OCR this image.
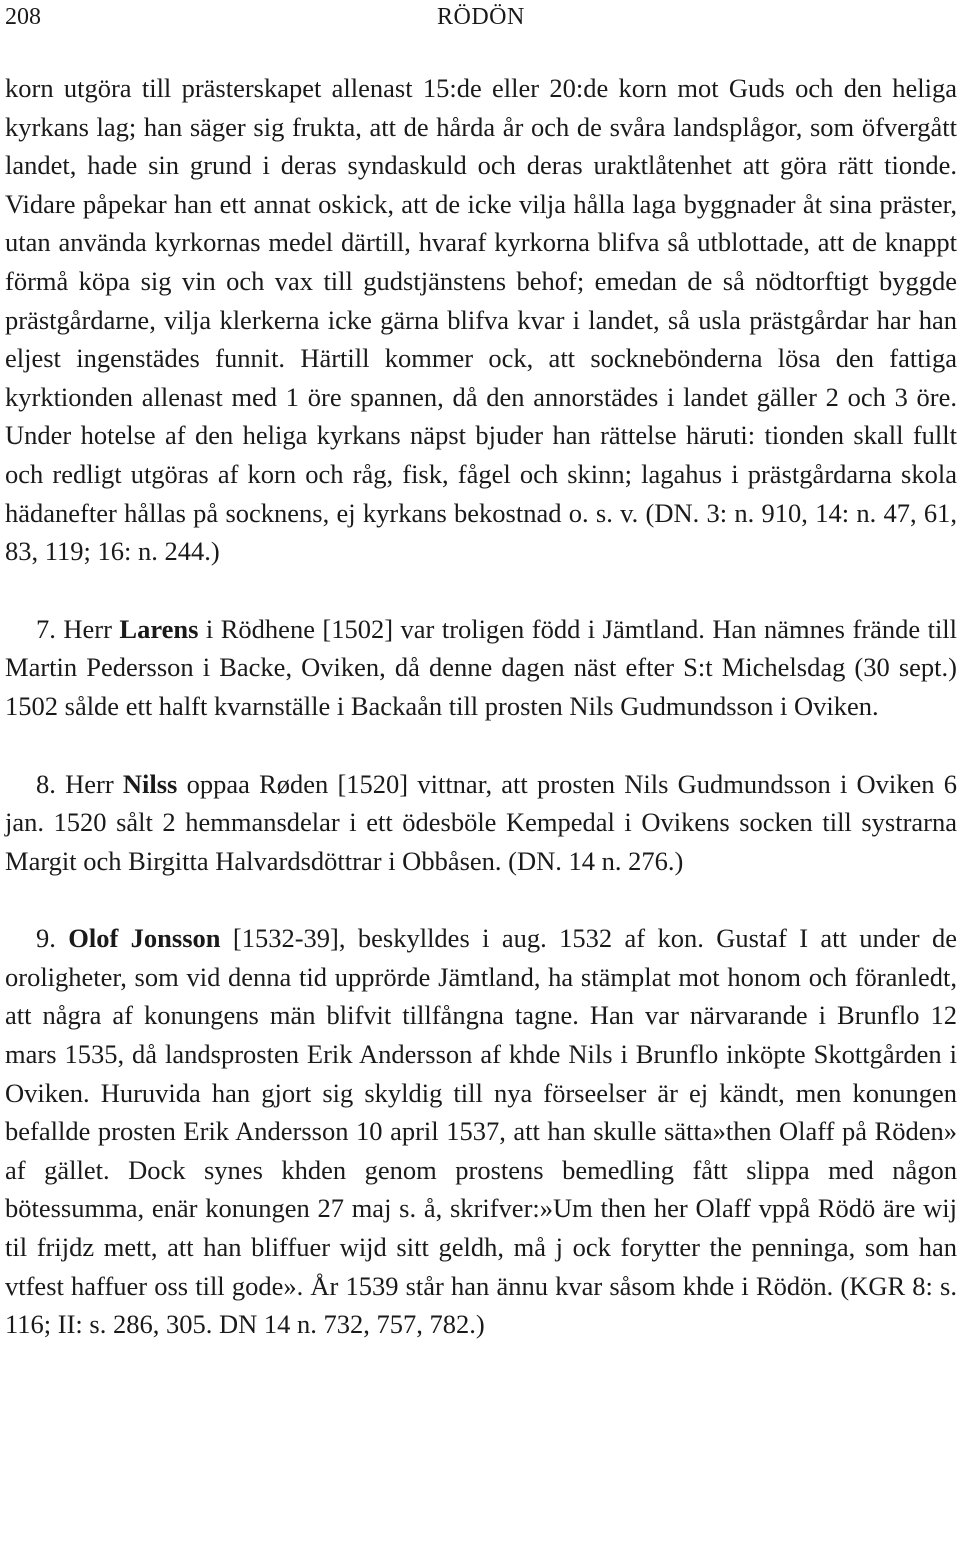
208	RÖDÖN

korn utgöra till prästerskapet allenast 15:de eller 20:de korn mot Guds och den heliga kyrkans lag; han säger sig frukta, att de hårda år och de svåra landsplågor, som öfvergått landet, hade sin grund i deras syndaskuld och deras uraktlåtenhet att göra rätt tionde. Vidare påpekar han ett annat oskick, att de icke vilja hålla laga byggnader åt sina präster, utan använda kyrkornas medel därtill, hvaraf kyrkorna blifva så utblottade, att de knappt förmå köpa sig vin och vax till gudstjänstens behof; emedan de så nödtorftigt byggde prästgårdarne, vilja klerkerna icke gärna blifva kvar i landet, så usla prästgårdar har han eljest ingenstädes funnit. Härtill kommer ock, att socknebönderna lösa den fattiga kyrktionden allenast med 1 öre spannen, då den annorstädes i landet gäller 2 och 3 öre. Under hotelse af den heliga kyrkans näpst bjuder han rättelse häruti: tionden skall fullt och redligt utgöras af korn och råg, fisk, fågel och skinn; lagahus i prästgårdarna skola hädanefter hållas på socknens, ej kyrkans bekostnad o. s. v. (DN. 3: n. 910, 14: n. 47, 61, 83, 119; 16: n. 244.)

7. Herr Larens i Rödhene [1502] var troligen född i Jämtland. Han nämnes frände till Martin Pedersson i Backe, Oviken, då denne dagen näst efter S:t Michelsdag (30 sept.) 1502 sålde ett halft kvarnställe i Backaån till prosten Nils Gudmundsson i Oviken.

8. Herr Nilss oppaa Røden [1520] vittnar, att prosten Nils Gudmundsson i Oviken 6 jan. 1520 sålt 2 hemmansdelar i ett ödesböle Kempedal i Ovikens socken till systrarna Margit och Birgitta Halvardsdöttrar i Obbåsen. (DN. 14 n. 276.)

9. Olof Jonsson [1532-39], beskylldes i aug. 1532 af kon. Gustaf I att under de oroligheter, som vid denna tid upprörde Jämtland, ha stämplat mot honom och föranledt, att några af konungens män blifvit tillfångna tagne. Han var närvarande i Brunflo 12 mars 1535, då landsprosten Erik Andersson af khde Nils i Brunflo inköpte Skottgården i Oviken. Huruvida han gjort sig skyldig till nya förseelser är ej kändt, men konungen befallde prosten Erik Andersson 10 april 1537, att han skulle sätta»then Olaff på Röden» af gället. Dock synes khden genom prostens bemedling fått slippa med någon bötessumma, enär konungen 27 maj s. å, skrifver:»Um then her Olaff vppå Rödö äre wij til frijdz mett, att han bliffuer wijd sitt geldh, må j ock forytter the penninga, som han vtfest haffuer oss till gode». År 1539 står han ännu kvar såsom khde i Rödön. (KGR 8: s. 116; II: s. 286, 305. DN 14 n. 732, 757, 782.)
